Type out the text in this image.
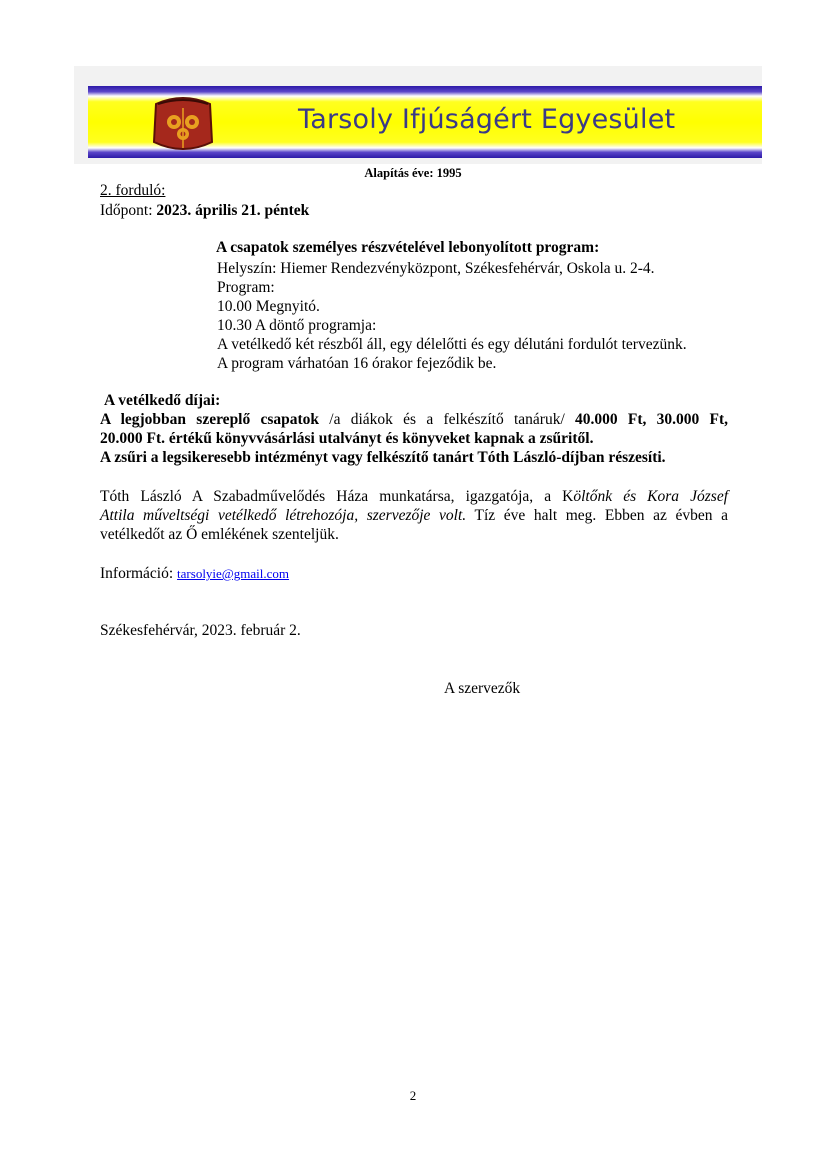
Tarsoly Ifjúságért Egyesület
Alapítás éve: 1995
2. forduló:
Időpont: 2023. április 21. péntek
A csapatok személyes részvételével lebonyolított program:
Helyszín: Hiemer Rendezvényközpont, Székesfehérvár, Oskola u. 2-4.
Program:
10.00 Megnyitó.
10.30 A döntő programja:
A vetélkedő két részből áll, egy délelőtti és egy délutáni fordulót tervezünk.
A program várhatóan 16 órakor fejeződik be.
A vetélkedő díjai:
A legjobban szereplő csapatok /a diákok és a felkészítő tanáruk/ 40.000 Ft, 30.000 Ft,
20.000 Ft. értékű könyvvásárlási utalványt és könyveket kapnak a zsűritől.
A zsűri a legsikeresebb intézményt vagy felkészítő tanárt Tóth László-díjban részesíti.
Tóth László A Szabadművelődés Háza munkatársa, igazgatója, a Költőnk és Kora József
Attila műveltségi vetélkedő létrehozója, szervezője volt. Tíz éve halt meg. Ebben az évben a
vetélkedőt az Ő emlékének szenteljük.
Információ: tarsolyie@gmail.com
Székesfehérvár, 2023. február 2.
A szervezők
2
